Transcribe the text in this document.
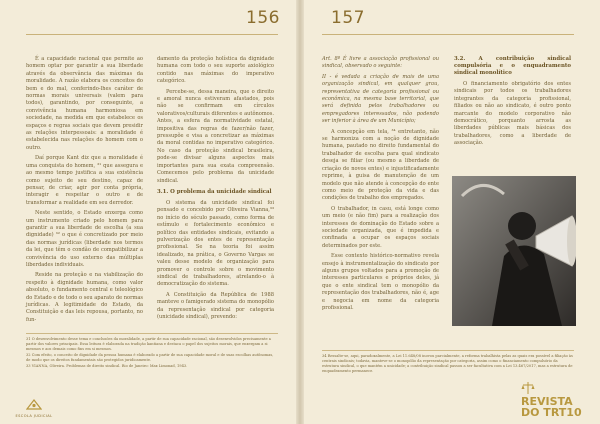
156

É a capacidade racional que permite ao homem optar por garantir a sua liberdade através da observância das máximas da moralidade. A razão elabora os conceitos do bem e do mal, conferindo-lhes caráter de normas morais universais (valem para todos), garantindo, por conseguinte, a convivência humana harmoniosa em sociedade, na medida em que estabelece os espaços e regras sociais que devem presidir as relações interpessoais: a moralidade é estabelecida nas relações do homem com o outro.

Daí porque Kant diz que a moralidade é uma conquista do homem, ³¹ que assegura e ao mesmo tempo justifica a sua existência como sujeito de seu destino, capaz de pensar, de criar, agir por conta própria, interagir e respeitar o outro e de transformar a realidade em seu derredor.

Neste sentido, o Estado enxerga como um instrumento criado pelo homem para garantir a sua liberdade de escolha (a sua dignidade) ³² o que é concretizado por meio das normas jurídicas (liberdade nos termos da lei, que têm o condão de compatibilizar a convivência do uso externo das múltiplas liberdades individuais.

Reside na proteção e na viabilização do respeito à dignidade humana, como valor absoluto, o fundamento central e teleológico do Estado e de todo o seu aparato de normas jurídicas. A legitimidade do Estado, da Constituição e das leis repousa, portanto, no fun-

damento da proteção holística da dignidade humana com todo o seu suporte axiológico contido nas máximas do imperativo categórico.

Percebe-se, dessa maneira, que o direito e amoral nunca estiveram afastados, pois não se confirmam em círculos valorativos/culturais diferentes e autônomos. Antes, a esfera da normatividade estatal, impositiva das regras de fazer/não fazer, pressupõe e visa a concretizar as máximas da moral contidas no imperativo categórico. No caso da proteção sindical brasileira, pode-se divisar alguns aspectos mais importantes para sua exata compreensão. Comecemos pelo problema da unicidade sindical.

3.1. O problema da unicidade sindical

O sistema da unicidade sindical foi pensado e concebido por Oliveira Vianna,³³ no início do século passado, como forma de estímulo e fortalecimento econômico e político das entidades sindicais, evitando a pulverização dos entes de representação profissional. Se na teoria foi assim idealizado, na prática, o Governo Vargas se valeu desse modelo de organização para promover o controle sobre o movimento sindical de trabalhadores, atrelando-o à democratização do sistema.

A Constituição da República de 1988 manteve o famigerado sistema do monopólio da representação sindical por categoria (unicidade sindical), prevendo:

31 O desenvolvimento desse tema e conclusões da moralidade, a partir de sua capacidade racional, são desenvolvidos precisamente a partir dos valores principais. Essa leitura é elaborada na tradição kantiana e destaca o papel dos sujeitos morais, que enxergam a si mesmos e aos demais como fins em si mesmos.

32 Com efeito, o conceito de dignidade da pessoa humana é elaborado a partir de sua capacidade moral e de suas escolhas autônomas, de modo que os direitos fundamentais são protegidos juridicamente.

33 VIANNA, Oliveira. Problemas de direito sindical. Rio de Janeiro: Max Limonad, 1943.

ESCOLA JUDICIAL
157

Art. 8º É livre a associação profissional ou sindical, observado o seguinte:

II - é vedada a criação de mais de uma organização sindical, em qualquer grau, representativa de categoria profissional ou econômica, na mesma base territorial, que será definida pelos trabalhadores ou empregadores interessados, não podendo ser inferior à área de um Município;

A concepção em tela, ³⁴ entretanto, não se harmoniza com a noção de dignidade humana, pautado no direito fundamental do trabalhador de escolha para qual sindicato deseja se filiar (ou mesmo a liberdade de criação de novos entes) e injustificadamente reprime, à guisa de manutenção de um modelo que não atende à concepção do ente como meio de proteção da vida e das condições de trabalho dos empregados.

O trabalhador, in casu, está longe como um meio (e não fim) para a realização dos interesses de dominação do Estado sobre a sociedade organizada, que é impedida e confinada a ocupar os espaços sociais determinados por este.

Esse contexto histórico-normativo revela ensejo à instrumentalização do sindicato por alguns grupos voltados para a promoção de interesses particulares e próprios deles, já que o ente sindical tem o monopólio da representação dos trabalhadores, não é, age e negocia em nome da categoria profissional.

3.2. A contribuição sindical compulsória e o enquadramento sindical monolítico

O financiamento obrigatório dos entes sindicais por todos os trabalhadores integrantes da categoria profissional, filiados ou não ao sindicato, é outro ponto marcante do modelo corporativo não democrático, porquanto arrosta as liberdades públicas mais básicas dos trabalhadores, como a liberdade de associação.

34 Ressalte-se, aqui, paradoxalmente, a Lei 11.648/08 inovou parcialmente, a reforma trabalhista pelas as quais era possível a filiação às centrais sindicais; todavia, manteve-se o monopólio da representação por categoria, assim como o financiamento compulsório da estrutura sindical, o que mantém a unicidade; a contribuição sindical passou a ser facultativa com a Lei 13.467/2017, mas a estrutura de enquadramento permanece.

REVISTA
DO TRT10
